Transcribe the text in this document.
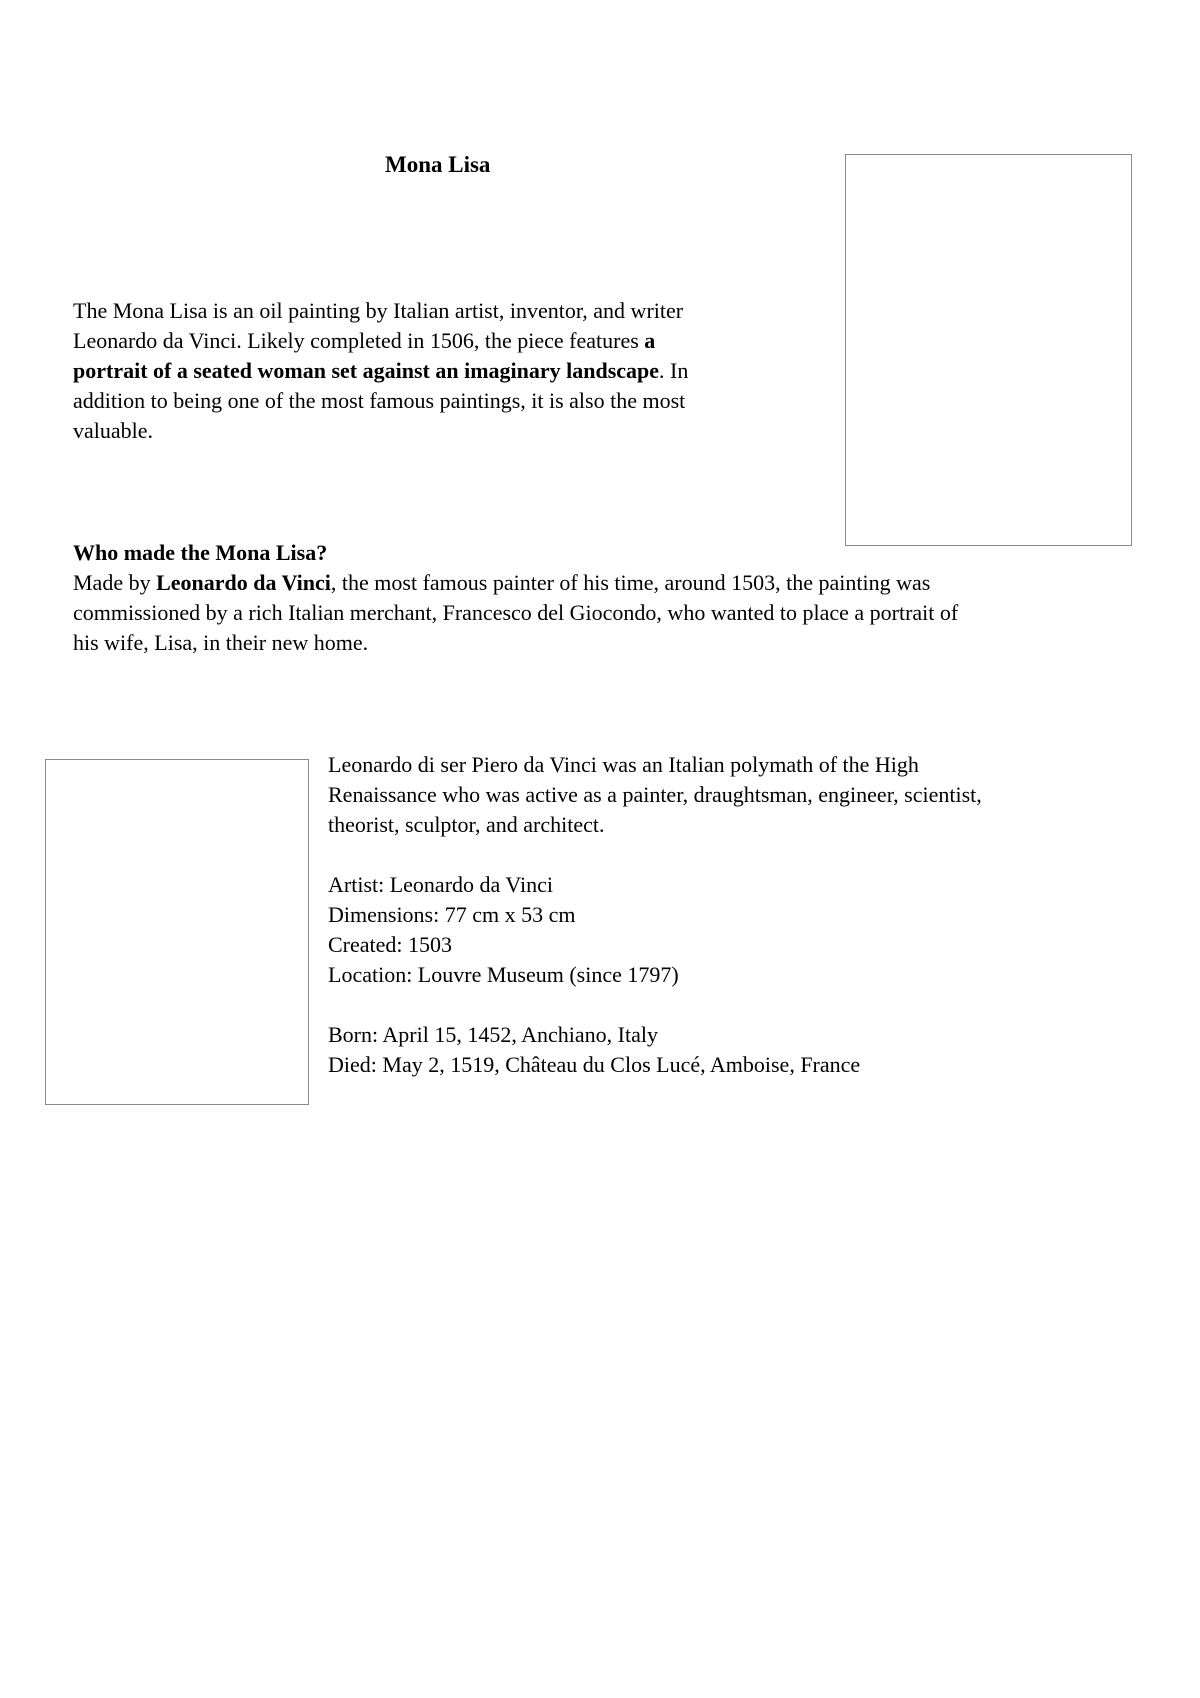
Mona Lisa
The Mona Lisa is an oil painting by Italian artist, inventor, and writer
Leonardo da Vinci. Likely completed in 1506, the piece features a
portrait of a seated woman set against an imaginary landscape. In
addition to being one of the most famous paintings, it is also the most
valuable.
Who made the Mona Lisa?
Made by Leonardo da Vinci, the most famous painter of his time, around 1503, the painting was
commissioned by a rich Italian merchant, Francesco del Giocondo, who wanted to place a portrait of
his wife, Lisa, in their new home.
Leonardo di ser Piero da Vinci was an Italian polymath of the High
Renaissance who was active as a painter, draughtsman, engineer, scientist,
theorist, sculptor, and architect.
Artist: Leonardo da Vinci
Dimensions: 77 cm x 53 cm
Created: 1503
Location: Louvre Museum (since 1797)
Born: April 15, 1452, Anchiano, Italy
Died: May 2, 1519, Château du Clos Lucé, Amboise, France
